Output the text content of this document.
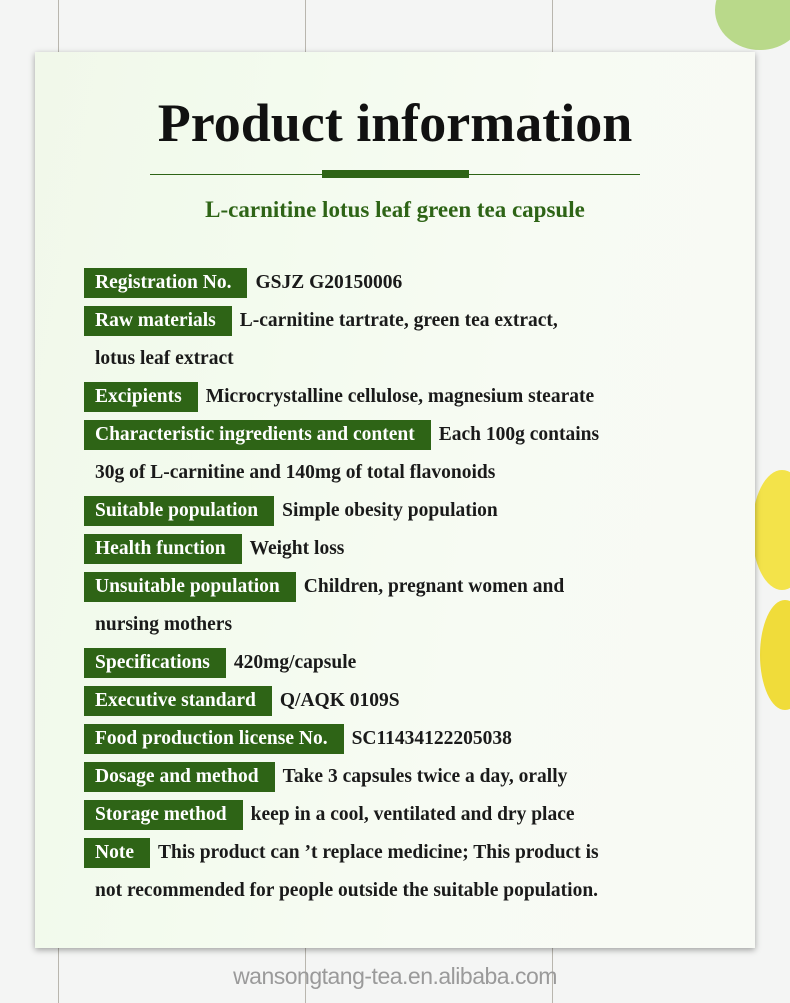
Product information
L-carnitine lotus leaf green tea capsule
Registration No.	GSJZ G20150006
Raw materials	L-carnitine tartrate, green tea extract,
lotus leaf extract
Excipients	Microcrystalline cellulose, magnesium stearate
Characteristic ingredients and content	Each 100g contains
30g of L-carnitine and 140mg of total flavonoids
Suitable population	Simple obesity population
Health function	Weight loss
Unsuitable population	Children, pregnant women and
nursing mothers
Specifications	420mg/capsule
Executive standard	Q/AQK 0109S
Food production license No.	SC11434122205038
Dosage and method	Take 3 capsules twice a day, orally
Storage method	keep in a cool, ventilated and dry place
Note	This product can ’t replace medicine; This product is
not recommended for people outside the suitable population.
wansongtang-tea.en.alibaba.com
